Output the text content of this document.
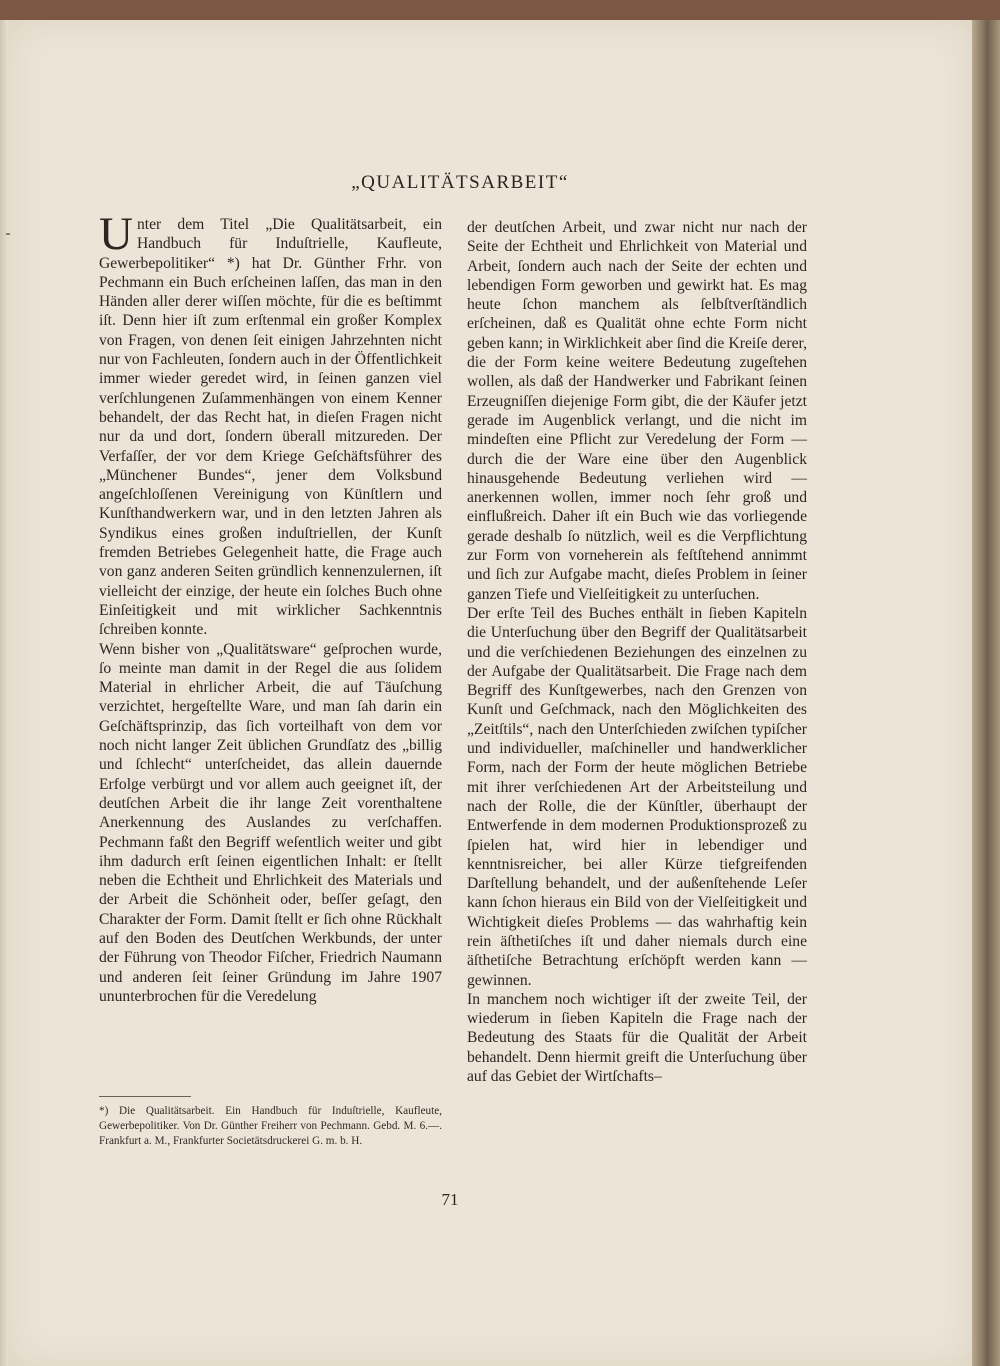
„QUALITÄTSARBEIT“

Unter dem Titel „Die Qualitätsarbeit, ein Handbuch für Induſtrielle, Kaufleute, Gewerbepolitiker“ *) hat Dr. Günther Frhr. von Pechmann ein Buch erſcheinen laſſen, das man in den Händen aller derer wiſſen möchte, für die es beſtimmt iſt. Denn hier iſt zum erſtenmal ein großer Komplex von Fragen, von denen ſeit einigen Jahrzehnten nicht nur von Fachleuten, ſondern auch in der Öffentlichkeit immer wieder geredet wird, in ſeinen ganzen viel verſchlungenen Zuſammenhängen von einem Kenner behandelt, der das Recht hat, in dieſen Fragen nicht nur da und dort, ſondern überall mitzureden. Der Verfaſſer, der vor dem Kriege Geſchäftsführer des „Münchener Bundes“, jener dem Volksbund angeſchloſſenen Vereinigung von Künſtlern und Kunſthandwerkern war, und in den letzten Jahren als Syndikus eines großen induſtriellen, der Kunſt fremden Betriebes Gelegenheit hatte, die Frage auch von ganz anderen Seiten gründlich kennenzulernen, iſt vielleicht der einzige, der heute ein ſolches Buch ohne Einſeitigkeit und mit wirklicher Sachkenntnis ſchreiben konnte.

Wenn bisher von „Qualitätsware“ geſprochen wurde, ſo meinte man damit in der Regel die aus ſolidem Material in ehrlicher Arbeit, die auf Täuſchung verzichtet, hergeſtellte Ware, und man ſah darin ein Geſchäftsprinzip, das ſich vorteilhaft von dem vor noch nicht langer Zeit üblichen Grundſatz des „billig und ſchlecht“ unterſcheidet, das allein dauernde Erfolge verbürgt und vor allem auch geeignet iſt, der deutſchen Arbeit die ihr lange Zeit vorenthaltene Anerkennung des Auslandes zu verſchaffen. Pechmann faßt den Begriff weſentlich weiter und gibt ihm dadurch erſt ſeinen eigentlichen Inhalt: er ſtellt neben die Echtheit und Ehrlichkeit des Materials und der Arbeit die Schönheit oder, beſſer geſagt, den Charakter der Form. Damit ſtellt er ſich ohne Rückhalt auf den Boden des Deutſchen Werkbunds, der unter der Führung von Theodor Fiſcher, Friedrich Naumann und anderen ſeit ſeiner Gründung im Jahre 1907 ununterbrochen für die Veredelung

der deutſchen Arbeit, und zwar nicht nur nach der Seite der Echtheit und Ehrlichkeit von Material und Arbeit, ſondern auch nach der Seite der echten und lebendigen Form geworben und gewirkt hat. Es mag heute ſchon manchem als ſelbſtverſtändlich erſcheinen, daß es Qualität ohne echte Form nicht geben kann; in Wirklichkeit aber ſind die Kreiſe derer, die der Form keine weitere Bedeutung zugeſtehen wollen, als daß der Handwerker und Fabrikant ſeinen Erzeugniſſen diejenige Form gibt, die der Käufer jetzt gerade im Augenblick verlangt, und die nicht im mindeſten eine Pflicht zur Veredelung der Form — durch die der Ware eine über den Augenblick hinausgehende Bedeutung verliehen wird — anerkennen wollen, immer noch ſehr groß und einflußreich. Daher iſt ein Buch wie das vorliegende gerade deshalb ſo nützlich, weil es die Verpflichtung zur Form von vorneherein als feſtſtehend annimmt und ſich zur Aufgabe macht, dieſes Problem in ſeiner ganzen Tiefe und Vielſeitigkeit zu unterſuchen.

Der erſte Teil des Buches enthält in ſieben Kapiteln die Unterſuchung über den Begriff der Qualitätsarbeit und die verſchiedenen Beziehungen des einzelnen zu der Aufgabe der Qualitätsarbeit. Die Frage nach dem Begriff des Kunſtgewerbes, nach den Grenzen von Kunſt und Geſchmack, nach den Möglichkeiten des „Zeitſtils“, nach den Unterſchieden zwiſchen typiſcher und individueller, maſchineller und handwerklicher Form, nach der Form der heute möglichen Betriebe mit ihrer verſchiedenen Art der Arbeitsteilung und nach der Rolle, die der Künſtler, überhaupt der Entwerfende in dem modernen Produktionsprozeß zu ſpielen hat, wird hier in lebendiger und kenntnisreicher, bei aller Kürze tiefgreifenden Darſtellung behandelt, und der außenſtehende Leſer kann ſchon hieraus ein Bild von der Vielſeitigkeit und Wichtigkeit dieſes Problems — das wahrhaftig kein rein äſthetiſches iſt und daher niemals durch eine äſthetiſche Betrachtung erſchöpft werden kann — gewinnen.

In manchem noch wichtiger iſt der zweite Teil, der wiederum in ſieben Kapiteln die Frage nach der Bedeutung des Staats für die Qualität der Arbeit behandelt. Denn hiermit greift die Unterſuchung über auf das Gebiet der Wirtſchafts–

*) Die Qualitätsarbeit. Ein Handbuch für Induſtrielle, Kaufleute, Gewerbepolitiker. Von Dr. Günther Freiherr von Pechmann. Gebd. M. 6.—. Frankfurt a. M., Frankfurter Societätsdruckerei G. m. b. H.
71
